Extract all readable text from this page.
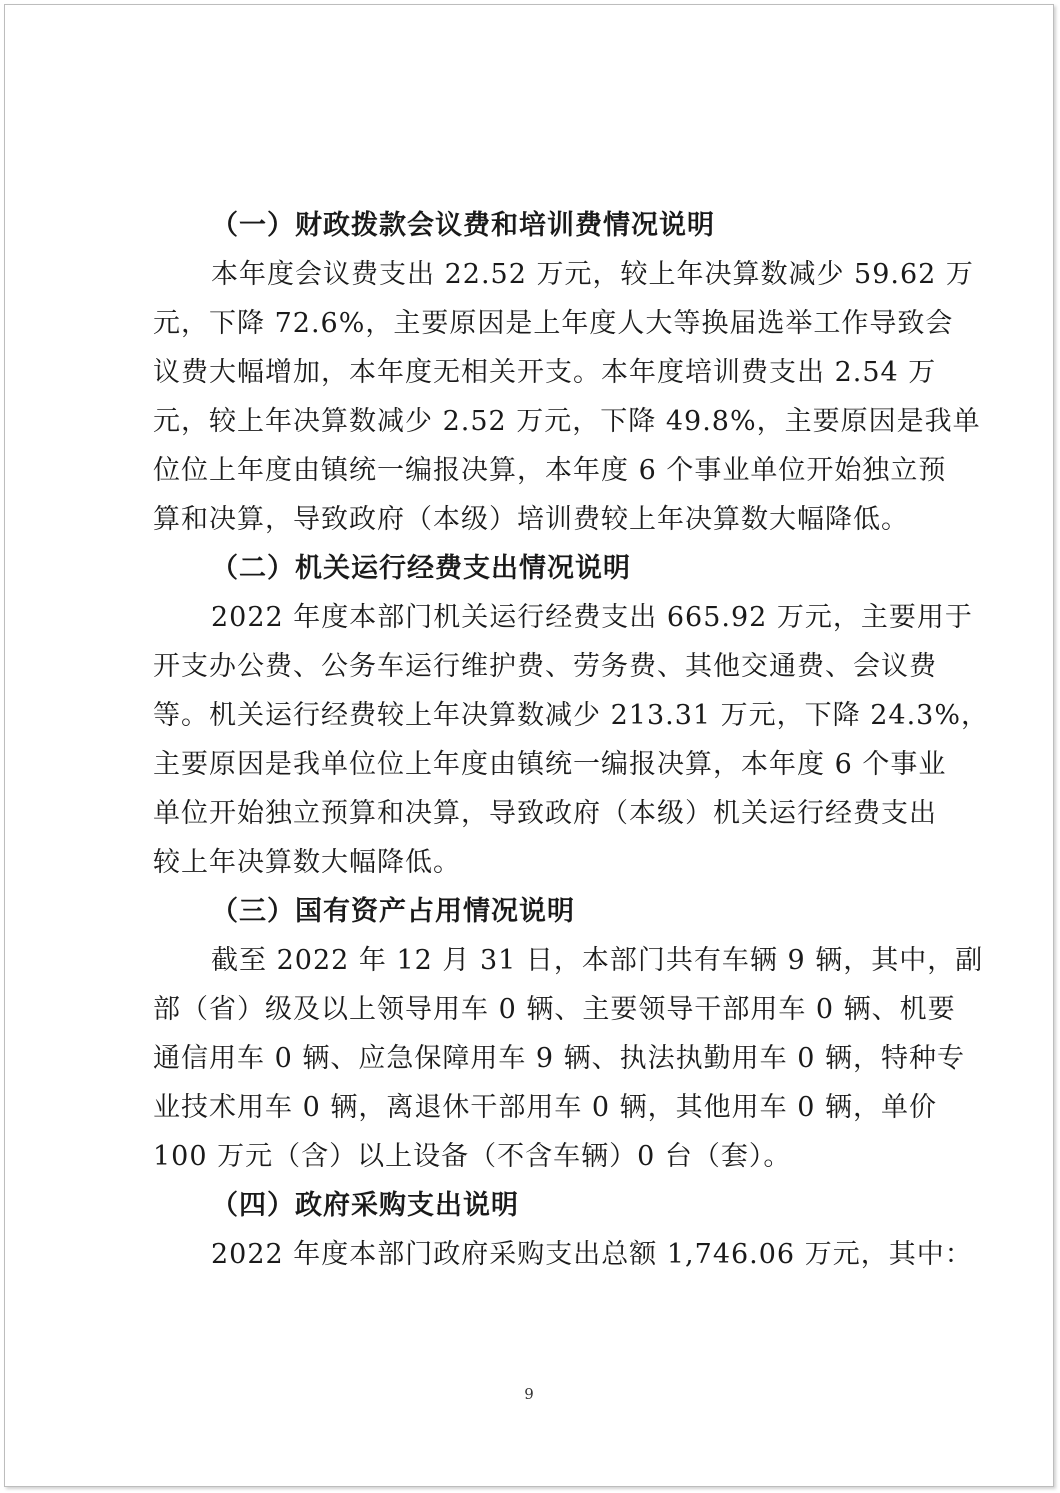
（一）财政拨款会议费和培训费情况说明

本年度会议费支出 22.52 万元，较上年决算数减少 59.62 万
元，下降 72.6%，主要原因是上年度人大等换届选举工作导致会
议费大幅增加，本年度无相关开支。本年度培训费支出 2.54 万
元，较上年决算数减少 2.52 万元，下降 49.8%，主要原因是我单
位位上年度由镇统一编报决算，本年度 6 个事业单位开始独立预
算和决算，导致政府（本级）培训费较上年决算数大幅降低。

（二）机关运行经费支出情况说明

2022 年度本部门机关运行经费支出 665.92 万元，主要用于
开支办公费、公务车运行维护费、劳务费、其他交通费、会议费
等。机关运行经费较上年决算数减少 213.31 万元，下降 24.3%，
主要原因是我单位位上年度由镇统一编报决算，本年度 6 个事业
单位开始独立预算和决算，导致政府（本级）机关运行经费支出
较上年决算数大幅降低。

（三）国有资产占用情况说明

截至 2022 年 12 月 31 日，本部门共有车辆 9 辆，其中，副
部（省）级及以上领导用车 0 辆、主要领导干部用车 0 辆、机要
通信用车 0 辆、应急保障用车 9 辆、执法执勤用车 0 辆，特种专
业技术用车 0 辆，离退休干部用车 0 辆，其他用车 0 辆，单价
100 万元（含）以上设备（不含车辆）0 台（套）。

（四）政府采购支出说明

2022 年度本部门政府采购支出总额 1,746.06 万元，其中：

9
